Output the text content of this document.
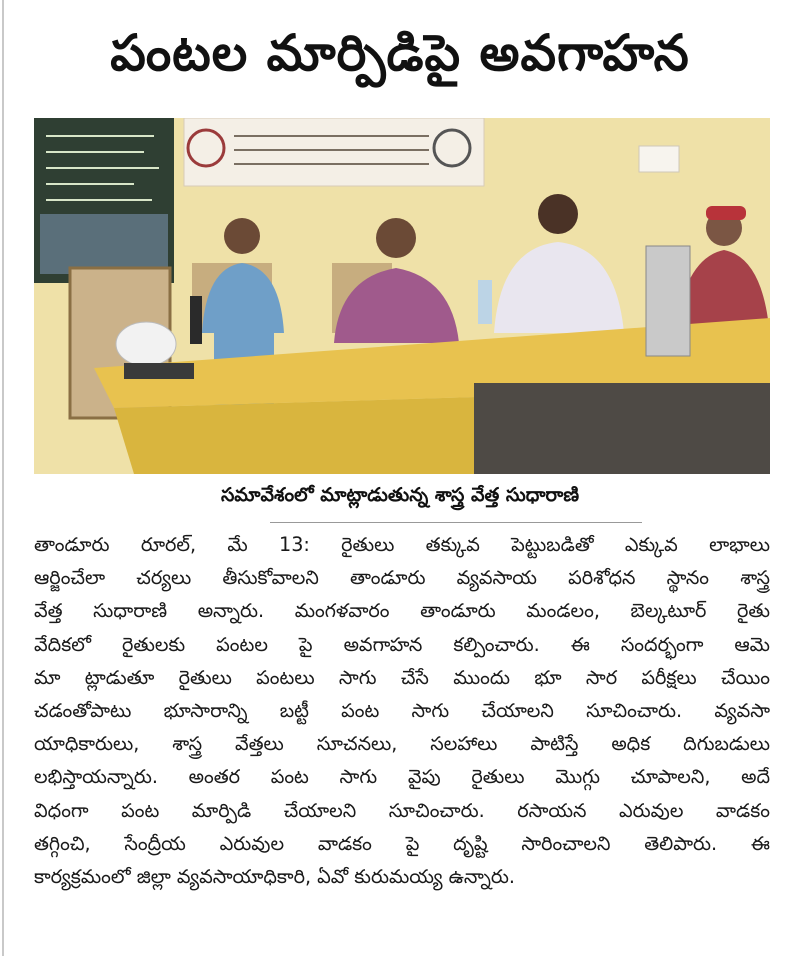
పంటల మార్పిడిపై అవగాహన
సమావేశంలో మాట్లాడుతున్న శాస్త్ర వేత్త సుధారాణి
తాండూరు రూరల్, మే 13: రైతులు తక్కువ పెట్టుబడితో ఎక్కువ లాభాలు
ఆర్జించేలా చర్యలు తీసుకోవాలని తాండూరు వ్యవసాయ పరిశోధన స్థానం శాస్త్ర
వేత్త సుధారాణి అన్నారు. మంగళవారం తాండూరు మండలం, బెల్కటూర్ రైతు
వేదికలో రైతులకు పంటల పై అవగాహన కల్పించారు. ఈ సందర్భంగా ఆమె
మా ట్లాడుతూ రైతులు పంటలు సాగు చేసే ముందు భూ సార పరీక్షలు చేయిం
చడంతోపాటు భూసారాన్ని బట్టీ పంట సాగు చేయాలని సూచించారు. వ్యవసా
యాధికారులు, శాస్త్ర వేత్తలు సూచనలు, సలహాలు పాటిస్తే అధిక దిగుబడులు
లభిస్తాయన్నారు. అంతర పంట సాగు వైపు రైతులు మొగ్గు చూపాలని, అదే
విధంగా పంట మార్పిడి చేయాలని సూచించారు. రసాయన ఎరువుల వాడకం
తగ్గించి, సేంద్రీయ ఎరువుల వాడకం పై దృష్టి సారించాలని తెలిపారు. ఈ
కార్యక్రమంలో జిల్లా వ్యవసాయాధికారి, ఏవో కురుమయ్య ఉన్నారు.
